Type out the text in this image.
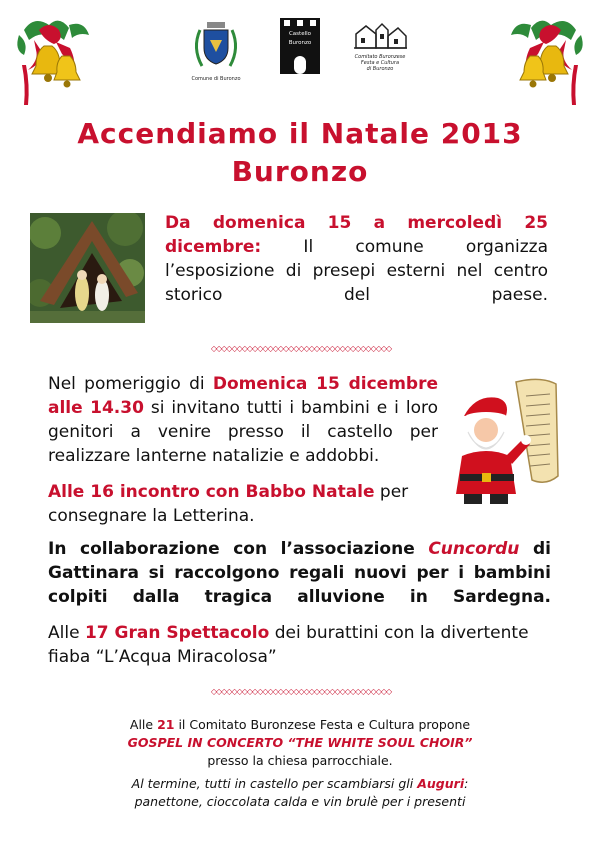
Comune di Buronzo
Castello
Buronzo
Comitato Buronzese
Festa e Cultura
di Buronzo
Accendiamo il Natale 2013
Buronzo

Da domenica 15 a mercoledì 25 dicembre: Il comune organizza l’esposizione di presepi esterni nel centro storico del paese.

◇◇◇◇◇◇◇◇◇◇◇◇◇◇◇◇◇◇◇◇◇◇◇◇◇◇◇◇◇◇◇◇◇◇◇

Nel pomeriggio di Domenica 15 dicembre alle 14.30 si invitano tutti i bambini e i loro genitori a venire presso il castello per realizzare lanterne natalizie e addobbi.

Alle 16 incontro con Babbo Natale per consegnare la Letterina.

In collaborazione con l’associazione Cuncordu di Gattinara si raccolgono regali nuovi per i bambini colpiti dalla tragica alluvione in Sardegna.

Alle 17 Gran Spettacolo dei burattini con la divertente fiaba “L’Acqua Miracolosa”

◇◇◇◇◇◇◇◇◇◇◇◇◇◇◇◇◇◇◇◇◇◇◇◇◇◇◇◇◇◇◇◇◇◇◇
Alle 21 il Comitato Buronzese Festa e Cultura propone
GOSPEL IN CONCERTO “THE WHITE SOUL CHOIR”
presso la chiesa parrocchiale.
Al termine, tutti in castello per scambiarsi gli Auguri:
panettone, cioccolata calda e vin brulè per i presenti
